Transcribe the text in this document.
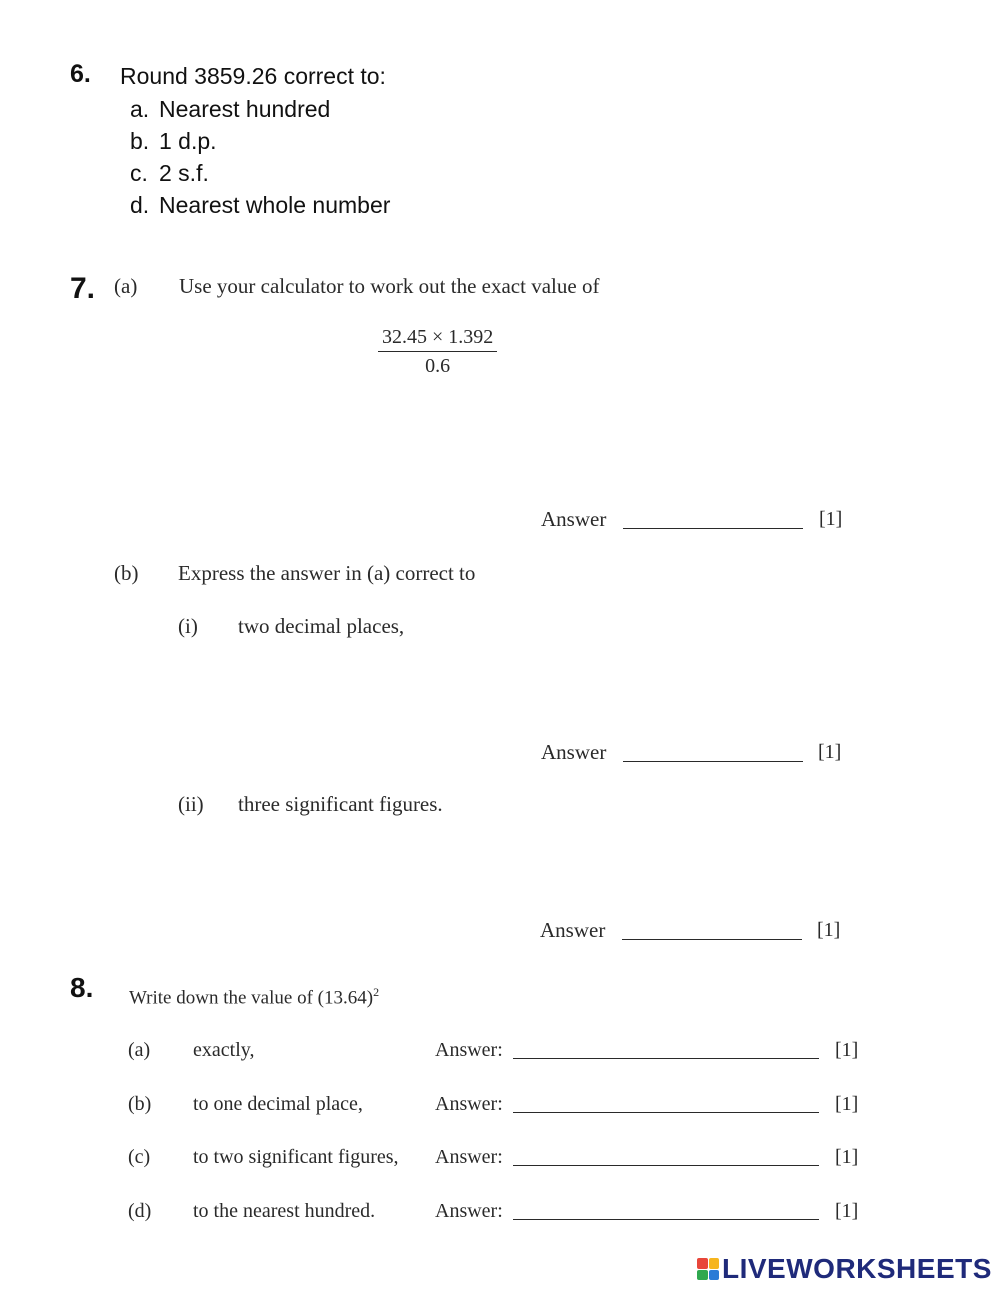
6. Round 3859.26 correct to:
a. Nearest hundred
b. 1 d.p.
c. 2 s.f.
d. Nearest whole number
7. (a) Use your calculator to work out the exact value of
$\frac{32.45 \times 1.392}{0.6}$
Answer	[1]
(b) Express the answer in (a) correct to
(i) two decimal places,
Answer	[1]
(ii) three significant figures.
Answer	[1]
8. Write down the value of $(13.64)^2$
(a) exactly,	Answer:	[1]
(b) to one decimal place,	Answer:	[1]
(c) to two significant figures, Answer:	[1]
(d) to the nearest hundred.	Answer:	[1]
LIVEWORKSHEETS
